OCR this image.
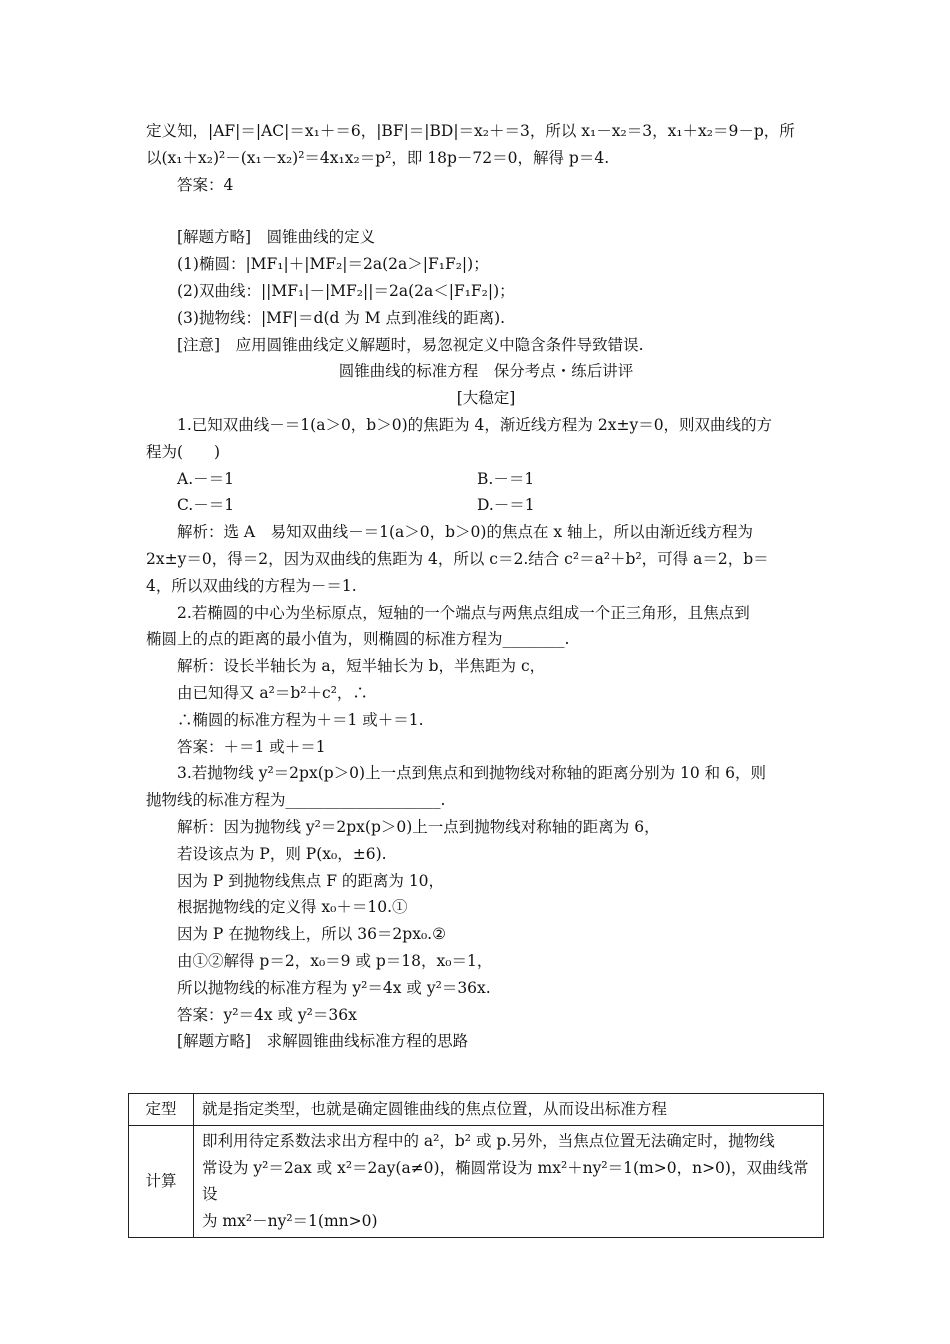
定义知，|AF|＝|AC|＝x₁＋＝6，|BF|＝|BD|＝x₂＋＝3，所以 x₁－x₂＝3，x₁＋x₂＝9－p，所
以(x₁＋x₂)²－(x₁－x₂)²＝4x₁x₂＝p²，即 18p－72＝0，解得 p＝4.
答案：4
[解题方略]　圆锥曲线的定义
(1)椭圆：|MF₁|＋|MF₂|＝2a(2a＞|F₁F₂|)；
(2)双曲线：||MF₁|－|MF₂||＝2a(2a＜|F₁F₂|)；
(3)抛物线：|MF|＝d(d 为 M 点到准线的距离).
[注意]　应用圆锥曲线定义解题时，易忽视定义中隐含条件导致错误.
圆锥曲线的标准方程　保分考点・练后讲评
[大稳定]
1.已知双曲线－＝1(a＞0，b＞0)的焦距为 4，渐近线方程为 2x±y＝0，则双曲线的方
程为(　　)
A.－＝1	B.－＝1
C.－＝1	D.－＝1
解析：选 A　易知双曲线－＝1(a＞0，b＞0)的焦点在 x 轴上，所以由渐近线方程为
2x±y＝0，得＝2，因为双曲线的焦距为 4，所以 c＝2.结合 c²＝a²＋b²，可得 a＝2，b＝
4，所以双曲线的方程为－＝1.
2.若椭圆的中心为坐标原点，短轴的一个端点与两焦点组成一个正三角形，且焦点到
椭圆上的点的距离的最小值为，则椭圆的标准方程为________.
解析：设长半轴长为 a，短半轴长为 b，半焦距为 c，
由已知得又 a²＝b²＋c²，∴
∴椭圆的标准方程为＋＝1 或＋＝1.
答案：＋＝1 或＋＝1
3.若抛物线 y²＝2px(p＞0)上一点到焦点和到抛物线对称轴的距离分别为 10 和 6，则
抛物线的标准方程为____________________.
解析：因为抛物线 y²＝2px(p＞0)上一点到抛物线对称轴的距离为 6，
若设该点为 P，则 P(x₀，±6).
因为 P 到抛物线焦点 F 的距离为 10，
根据抛物线的定义得 x₀＋＝10.①
因为 P 在抛物线上，所以 36＝2px₀.②
由①②解得 p＝2，x₀＝9 或 p＝18，x₀＝1，
所以抛物线的标准方程为 y²＝4x 或 y²＝36x.
答案：y²＝4x 或 y²＝36x
[解题方略]　求解圆锥曲线标准方程的思路
定型	就是指定类型，也就是确定圆锥曲线的焦点位置，从而设出标准方程

计算	即利用待定系数法求出方程中的 a²，b² 或 p.另外，当焦点位置无法确定时，抛物线
常设为 y²＝2ax 或 x²＝2ay(a≠0)，椭圆常设为 mx²＋ny²＝1(m>0，n>0)，双曲线常设
为 mx²－ny²＝1(mn>0)
